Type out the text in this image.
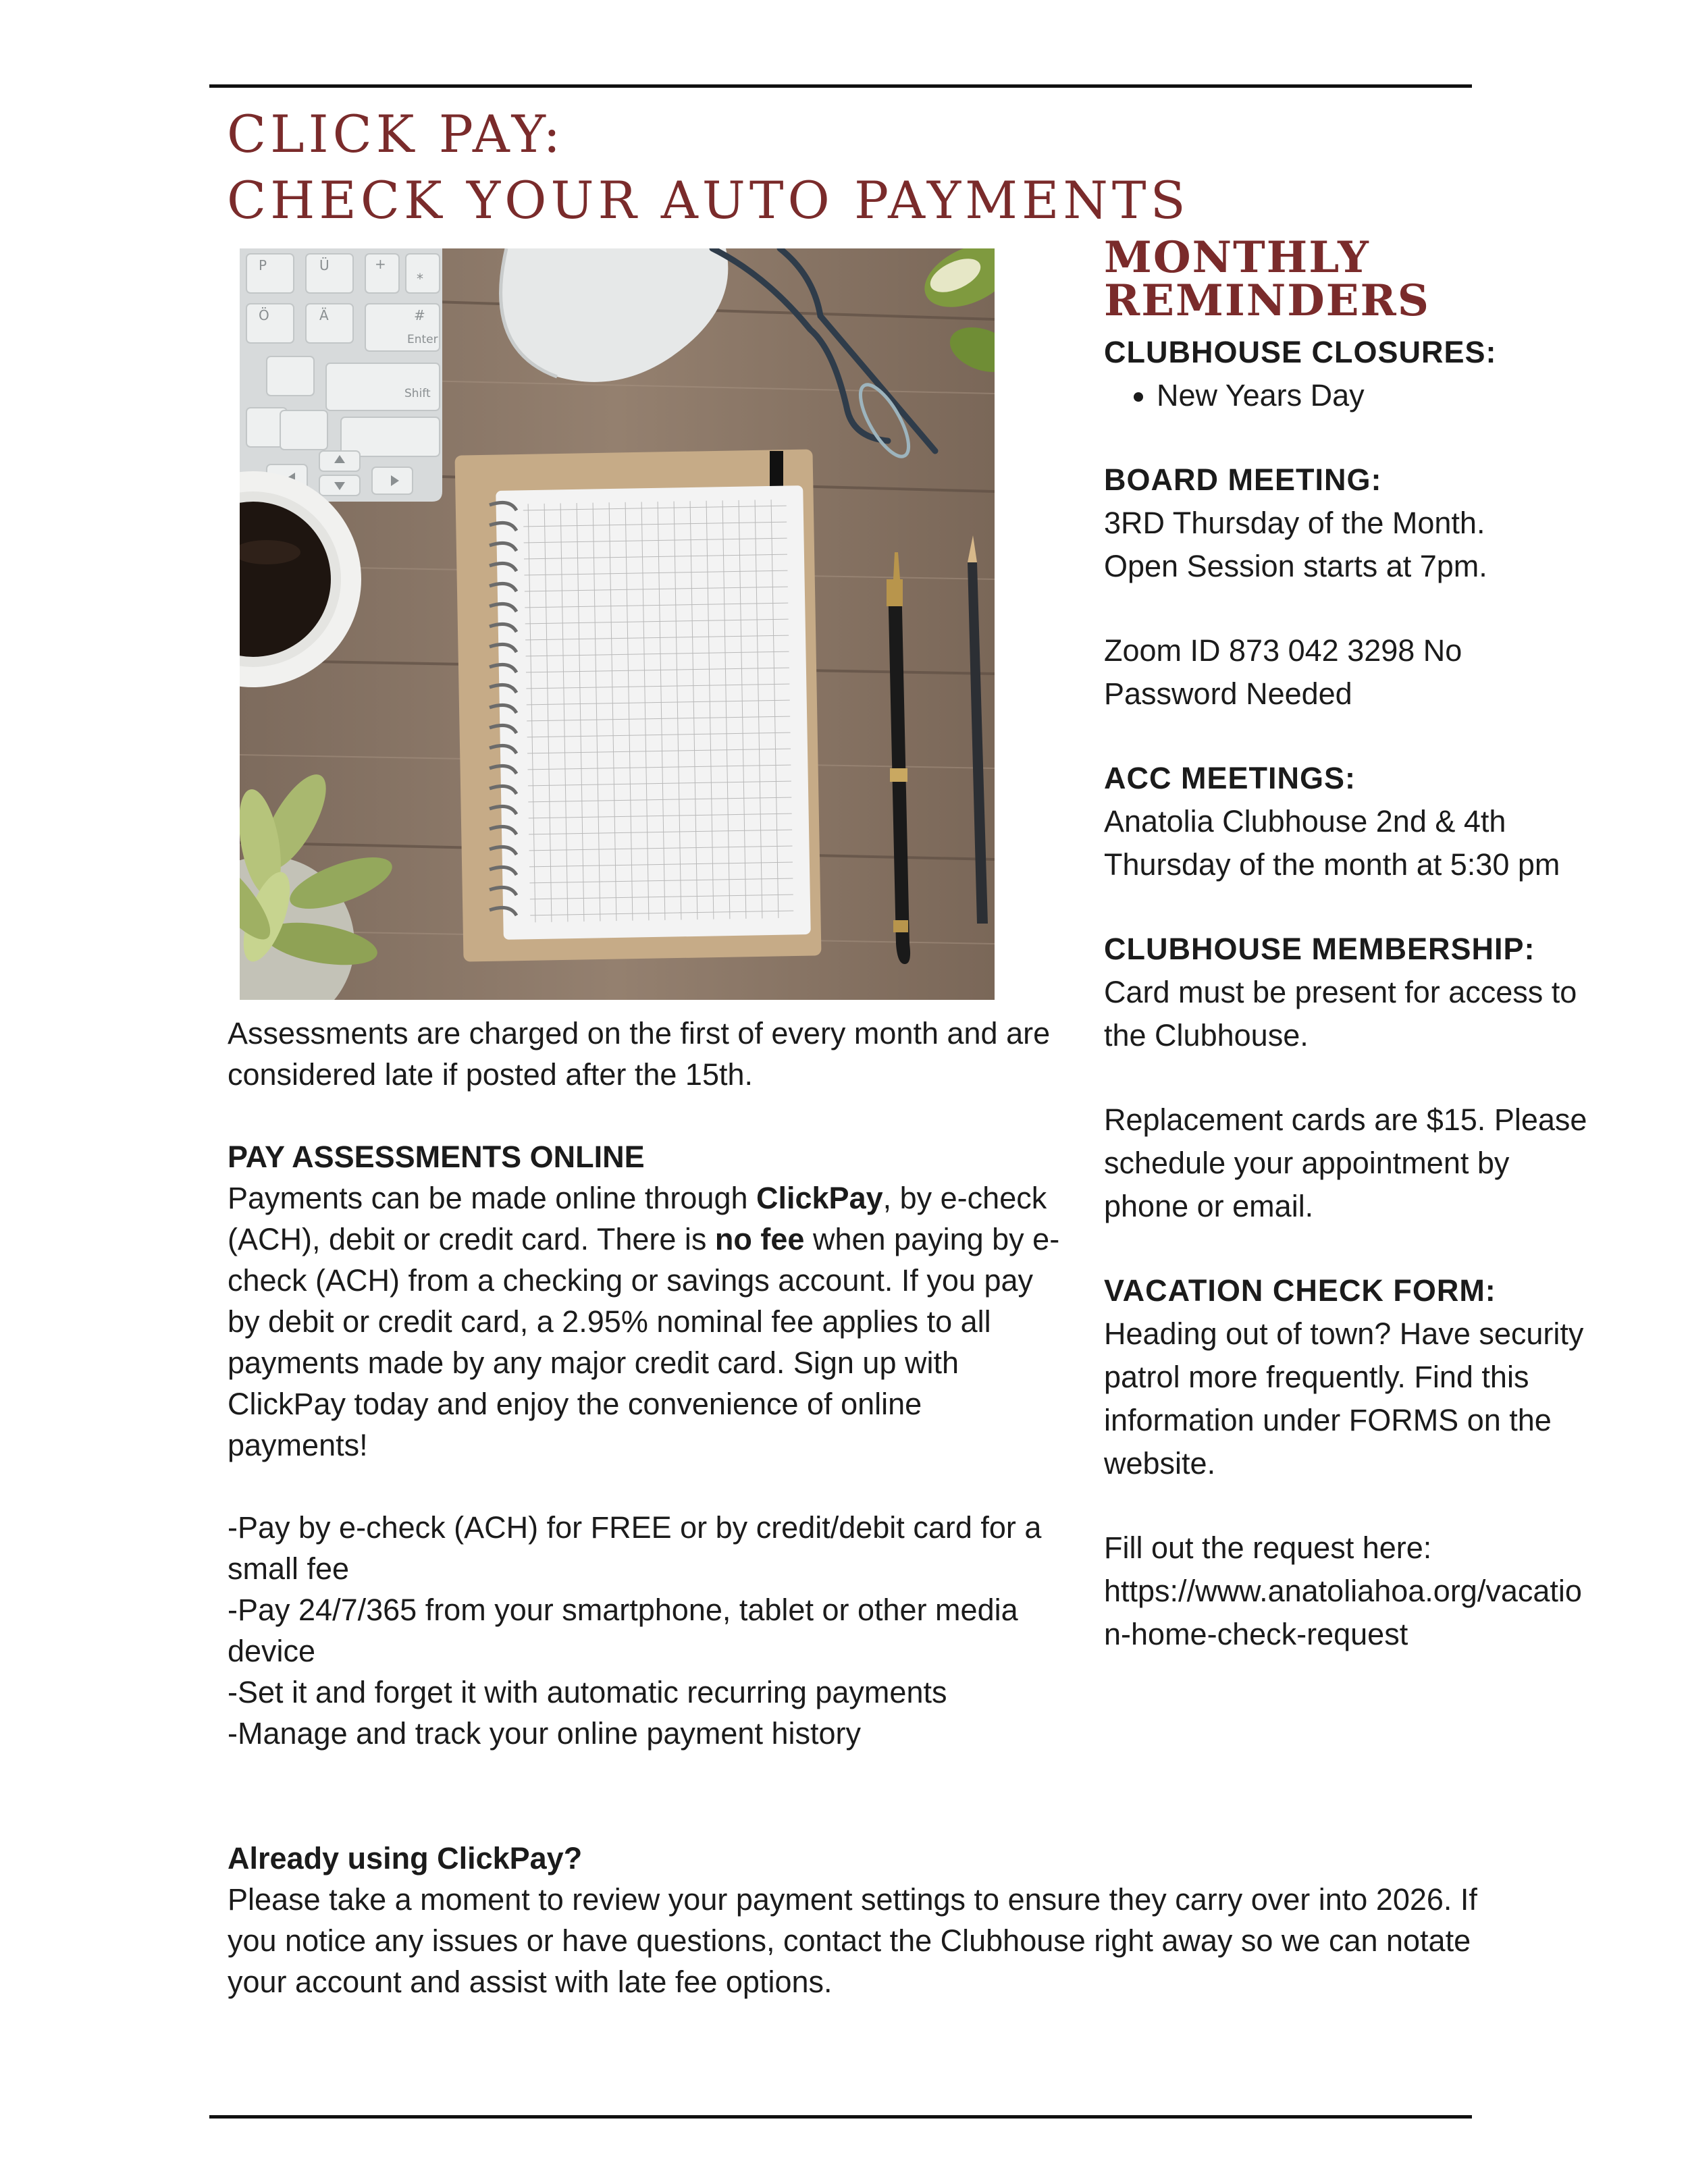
CLICK PAY:
CHECK YOUR AUTO PAYMENTS
P	Ü	+
*
Ö	Ä	#
Enter
Shift

Assessments are charged on the first of every month and are considered late if posted after the 15th.

PAY ASSESSMENTS ONLINE

Payments can be made online through ClickPay, by e-check (ACH), debit or credit card. There is no fee when paying by e-check (ACH) from a checking or savings account. If you pay by debit or credit card, a 2.95% nominal fee applies to all payments made by any major credit card. Sign up with ClickPay today and enjoy the convenience of online payments!

-Pay by e-check (ACH) for FREE or by credit/debit card for a small fee

-Pay 24/7/365 from your smartphone, tablet or other media device

-Set it and forget it with automatic recurring payments

-Manage and track your online payment history

Already using ClickPay?

Please take a moment to review your payment settings to ensure they carry over into 2026. If you notice any issues or have questions, contact the Clubhouse right away so we can notate your account and assist with late fee options.

MONTHLY
REMINDERS

CLUBHOUSE CLOSURES:

• New Years Day

BOARD MEETING:

3RD Thursday of the Month.

Open Session starts at 7pm.

Zoom ID 873 042 3298 No Password Needed

ACC MEETINGS:

Anatolia Clubhouse 2nd & 4th Thursday of the month at 5:30 pm

CLUBHOUSE MEMBERSHIP:

Card must be present for access to the Clubhouse.

Replacement cards are $15. Please schedule your appointment by phone or email.

VACATION CHECK FORM:

Heading out of town? Have security patrol more frequently. Find this information under FORMS on the website.

Fill out the request here:

https://www.anatoliahoa.org/vacation-home-check-request
